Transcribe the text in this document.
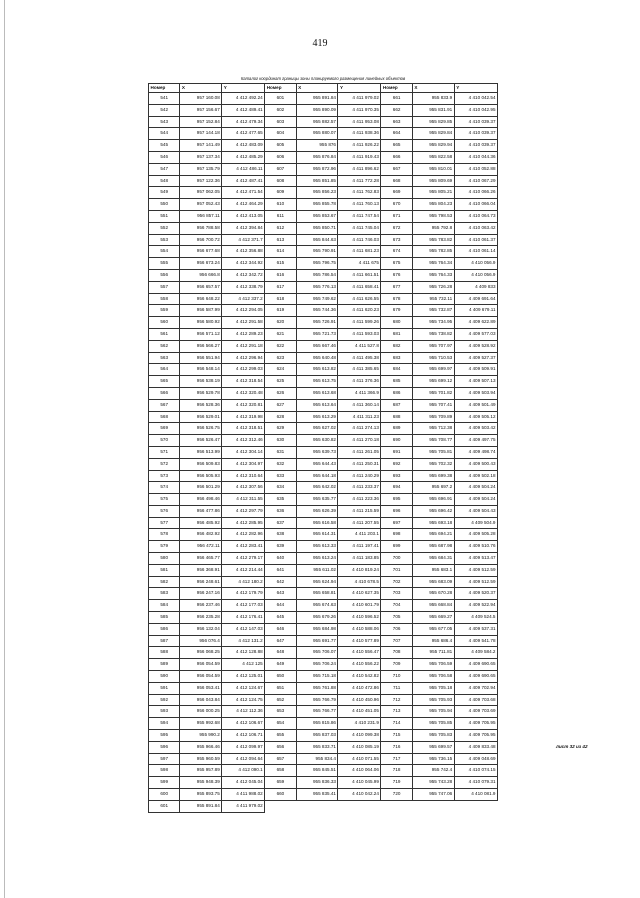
419
Каталог координат границы зоны планируемого размещения линейных объектов
Номер	X	Y	Номер	X	Y	Номер	X	Y
541	957 160.08	4 412 492.24	601	955 891.84	4 411 979.02	661	955 833.9	4 410 042.54
542	957 156.67	4 412 489.41	602	955 890.09	4 411 970.35	662	955 831.91	4 410 042.95
543	957 152.84	4 412 479.34	603	955 882.57	4 411 953.08	663	955 829.85	4 410 039.37
544	957 144.18	4 412 477.65	604	955 880.07	4 411 938.36	664	955 829.84	4 410 039.37
545	957 141.49	4 412 483.09	605	955 876	4 411 926.22	665	955 829.94	4 410 039.37
546	957 137.34	4 412 485.29	606	955 876.84	4 411 919.43	666	955 822.58	4 410 044.36
547	957 135.79	4 412 486.11	607	955 872.96	4 411 896.62	667	955 810.01	4 410 052.88
548	957 122.36	4 412 487.41	608	955 851.85	4 411 772.28	668	955 809.69	4 410 067.29
549	957 062.05	4 412 471.54	609	955 856.23	4 411 762.83	669	955 805.21	4 410 066.26
550	957 052.43	4 412 464.29	610	955 855.78	4 411 760.13	670	955 804.23	4 410 066.04
551	956 857.11	4 412 413.05	611	955 853.67	4 411 747.54	671	955 798.53	4 410 064.73
552	956 788.58	4 412 394.84	612	955 850.71	4 411 745.04	672	955 792.8	4 410 063.42
553	956 700.72	4 412 371.7	613	955 844.63	4 411 746.03	673	955 783.82	4 410 061.37
554	956 677.68	4 412 356.88	614	955 790.91	4 411 681.23	674	955 782.85	4 410 061.14
555	956 673.24	4 412 344.92	615	955 796.75	4 411 675	675	955 764.34	4 410 056.9
556	956 666.8	4 412 342.72	616	955 786.54	4 411 661.51	676	955 764.33	4 410 056.9
557	956 657.57	4 412 338.79	617	955 776.13	4 411 658.41	677	955 726.28	4 409 833
558	956 648.22	4 412 337.2	618	955 749.62	4 411 626.55	678	955 732.11	4 409 691.64
559	956 587.99	4 412 294.05	619	955 744.36	4 411 620.23	679	955 732.87	4 409 679.11
560	956 580.92	4 412 291.58	620	955 726.91	4 411 599.26	680	955 734.95	4 409 622.89
561	956 571.12	4 412 289.23	621	955 721.73	4 411 593.03	681	955 738.82	4 409 577.03
562	956 566.27	4 412 291.18	622	955 667.46	4 411 527.8	682	955 707.97	4 409 528.92
563	956 551.94	4 412 296.94	623	955 640.48	4 411 495.38	683	955 710.53	4 409 527.37
564	956 548.14	4 412 299.03	624	955 613.82	4 411 385.65	684	955 699.97	4 409 509.91
565	956 538.19	4 412 318.54	625	955 613.75	4 411 376.36	685	955 699.12	4 409 507.13
566	956 529.78	4 412 320.48	626	955 613.68	4 411 366.9	686	955 701.82	4 409 503.94
567	956 528.36	4 412 320.81	627	955 613.64	4 411 360.14	687	955 707.41	4 409 501.49
568	956 529.01	4 412 319.98	628	955 613.29	4 411 311.23	688	955 709.89	4 409 505.12
569	956 526.75	4 412 318.51	629	955 627.02	4 411 274.13	689	955 712.38	4 409 503.42
570	956 526.47	4 412 312.46	630	955 630.82	4 411 270.18	690	955 708.77	4 409 497.75
571	956 513.99	4 412 304.14	631	955 639.73	4 411 261.05	691	955 705.81	4 409 498.74
572	956 509.83	4 412 304.97	632	955 644.43	4 411 250.31	692	955 702.32	4 409 500.43
573	956 505.93	4 412 310.64	633	955 644.18	4 411 240.29	693	955 699.38	4 409 502.18
574	956 501.29	4 412 307.56	634	955 642.02	4 411 233.37	694	955 697.2	4 409 504.24
575	956 498.46	4 412 311.55	635	955 635.77	4 411 223.36	695	955 696.91	4 409 504.24
576	956 477.86	4 412 297.79	636	955 626.39	4 411 215.59	696	955 696.42	4 409 504.43
577	956 485.92	4 412 285.95	637	955 616.58	4 411 207.55	697	955 693.18	4 409 504.9
578	956 482.92	4 412 282.96	638	955 614.31	4 411 203.1	698	955 694.21	4 409 505.28
579	956 472.11	4 412 283.41	639	955 613.33	4 411 197.41	699	955 687.98	4 409 510.76
580	956 465.77	4 412 279.17	640	955 613.24	4 411 183.85	700	955 684.31	4 409 513.47
581	956 368.91	4 412 214.44	641	955 611.02	4 410 819.24	701	955 683.1	4 409 512.59
582	956 248.61	4 412 180.2	642	955 624.94	4 410 678.5	702	955 683.09	4 409 512.59
583	956 247.16	4 412 179.79	643	955 658.81	4 410 627.35	703	955 670.28	4 409 520.37
584	956 237.46	4 412 177.03	644	955 674.63	4 410 601.79	704	955 668.84	4 409 522.94
585	956 235.28	4 412 176.41	645	955 679.26	4 410 596.52	705	955 669.27	4 409 524.5
586	956 132.04	4 412 147.03	646	955 684.98	4 410 588.06	706	955 677.05	4 409 537.31
587	956 076.4	4 412 131.2	647	955 691.77	4 410 577.89	707	955 686.4	4 409 541.78
588	956 068.25	4 412 128.88	648	955 706.07	4 410 556.47	708	955 711.81	4 409 584.2
589	956 054.59	4 412 125	649	955 706.24	4 410 556.22	709	955 706.59	4 409 690.65
590	956 054.59	4 412 125.01	650	955 715.18	4 410 542.82	710	955 706.58	4 409 690.65
591	956 053.41	4 412 124.67	651	955 761.88	4 410 472.86	711	955 705.18	4 409 702.94
592	956 043.84	4 412 124.75	652	955 766.79	4 410 450.96	712	955 705.93	4 409 703.68
593	956 000.25	4 412 112.36	653	955 766.77	4 410 451.05	713	955 705.94	4 409 703.69
594	955 992.68	4 412 106.67	654	955 815.86	4 410 231.9	714	955 705.85	4 409 705.95
595	955 990.2	4 412 106.71	655	955 837.03	4 410 099.38	715	955 705.83	4 409 705.95
596	955 966.46	4 412 099.97	656	955 833.71	4 410 085.19	716	955 699.57	4 409 833.48
597	955 960.59	4 412 094.64	657	955 834.4	4 410 071.55	717	955 736.15	4 409 048.69
598	955 957.89	4 412 090.1	658	955 845.51	4 410 064.06	718	955 742.4	4 410 074.15
599	955 948.39	4 412 045.04	659	955 836.33	4 410 045.99	719	955 743.28	4 410 079.31
600	955 893.75	4 411 988.02	660	955 835.41	4 410 042.24	720	955 747.06	4 410 081.9
601	955 891.84	4 411 979.02						
лист 32 из 42
